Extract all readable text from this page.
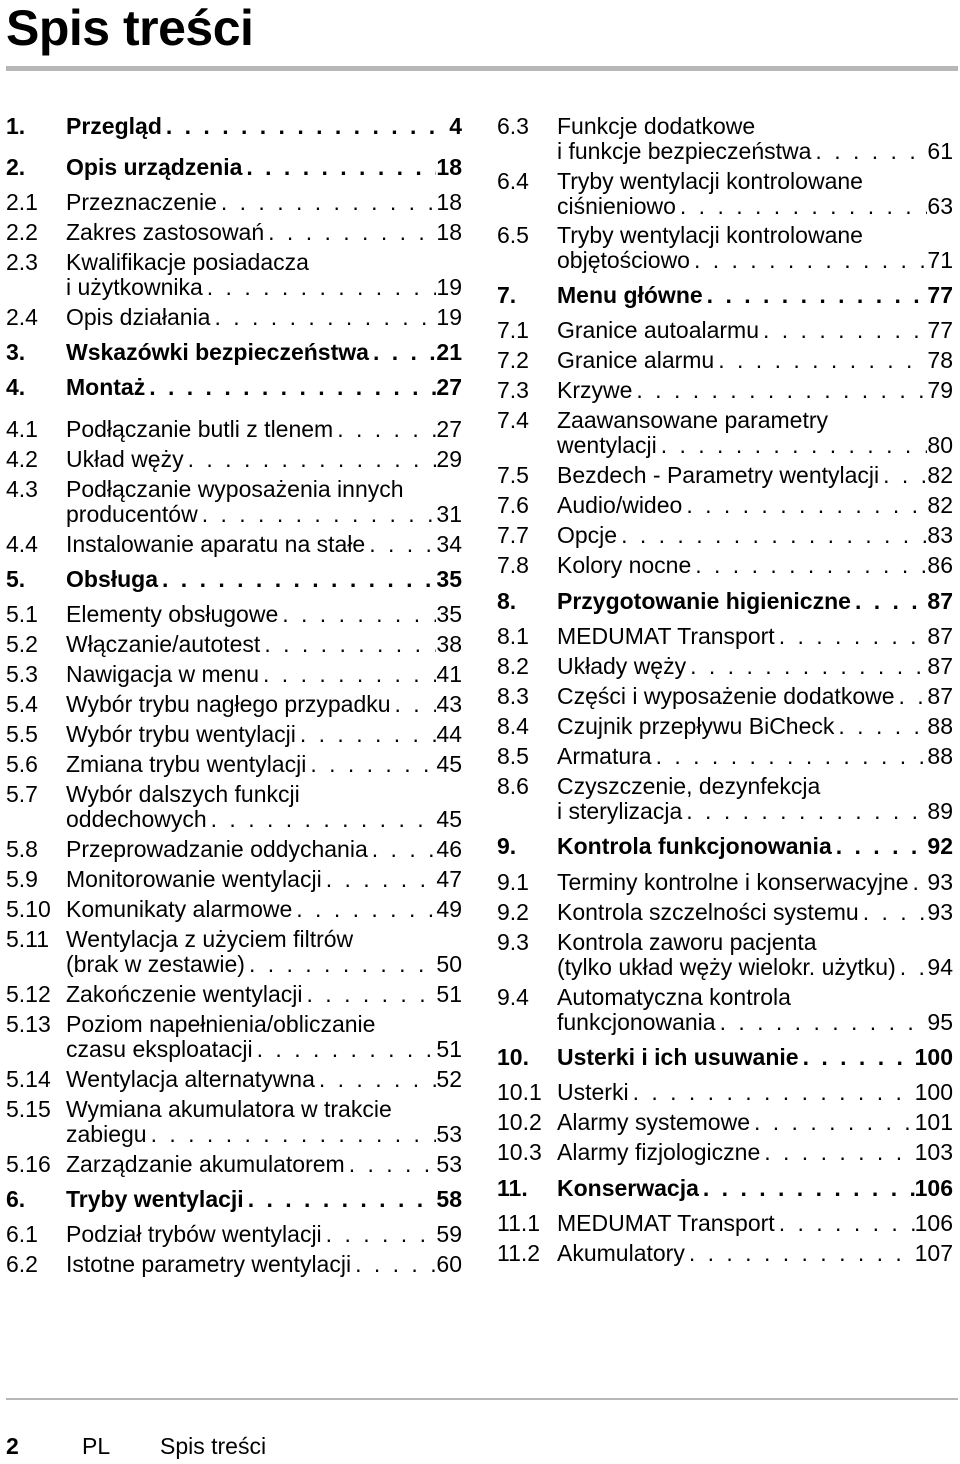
Spis treści
1. Przegląd . . .	4
2. Opis urządzenia . . .	18
2.1 Przeznaczenie . . .	18
2.2 Zakres zastosowań . . .	18
2.3 Kwalifikacje posiadacza
i użytkownika . . .	19
2.4 Opis działania . . .	19
3. Wskazówki bezpieczeństwa . . .	21
4. Montaż . . .	27
4.1 Podłączanie butli z tlenem . . .	27
4.2 Układ węży . . .	29
4.3 Podłączanie wyposażenia innych
producentów . . .	31
4.4 Instalowanie aparatu na stałe . . .	34
5. Obsługa . . .	35
5.1 Elementy obsługowe . . .	35
5.2 Włączanie/autotest . . .	38
5.3 Nawigacja w menu . . .	41
5.4 Wybór trybu nagłego przypadku . . . 43
5.5 Wybór trybu wentylacji . . .	44
5.6 Zmiana trybu wentylacji . . .	45
5.7 Wybór dalszych funkcji
oddechowych . . .	45
5.8 Przeprowadzanie oddychania . . .	46
5.9 Monitorowanie wentylacji . . .	47
5.10 Komunikaty alarmowe . . .	49
5.11 Wentylacja z użyciem filtrów
(brak w zestawie) . . .	50
5.12 Zakończenie wentylacji . . .	51
5.13 Poziom napełnienia/obliczanie
czasu eksploatacji . . .	51
5.14 Wentylacja alternatywna . . .	52
5.15 Wymiana akumulatora w trakcie
zabiegu . . .	53
5.16 Zarządzanie akumulatorem . . .	53
6. Tryby wentylacji . . .	58
6.1 Podział trybów wentylacji . . .	59
6.2 Istotne parametry wentylacji . . .	60
6.3 Funkcje dodatkowe
i funkcje bezpieczeństwa . . .	61
6.4 Tryby wentylacji kontrolowane
ciśnieniowo . . .	63
6.5 Tryby wentylacji kontrolowane
objętościowo . . .	71
7. Menu główne . . .	77
7.1 Granice autoalarmu . . .	77
7.2 Granice alarmu . . .	78
7.3 Krzywe . . .	79
7.4 Zaawansowane parametry
wentylacji . . .	80
7.5 Bezdech - Parametry wentylacji . . . 82
7.6 Audio/wideo . . .	82
7.7 Opcje . . .	83
7.8 Kolory nocne . . .	86
8. Przygotowanie higieniczne . . .	87
8.1 MEDUMAT Transport . . .	87
8.2 Układy węży . . .	87
8.3 Części i wyposażenie dodatkowe . . . 87
8.4 Czujnik przepływu BiCheck . . .	88
8.5 Armatura . . .	88
8.6 Czyszczenie, dezynfekcja
i sterylizacja . . .	89
9. Kontrola funkcjonowania . . .	92
9.1 Terminy kontrolne i konserwacyjne . . . 93
9.2 Kontrola szczelności systemu . . .	93
9.3 Kontrola zaworu pacjenta
(tylko układ węży wielokr. użytku) . . . 94
9.4 Automatyczna kontrola
funkcjonowania . . .	95
10. Usterki i ich usuwanie . . .	100
10.1 Usterki . . .	100
10.2 Alarmy systemowe . . .	101
10.3 Alarmy fizjologiczne . . .	103
11. Konserwacja . . .	106
11.1 MEDUMAT Transport . . .	106
11.2 Akumulatory . . .	107
2	PL Spis treści
